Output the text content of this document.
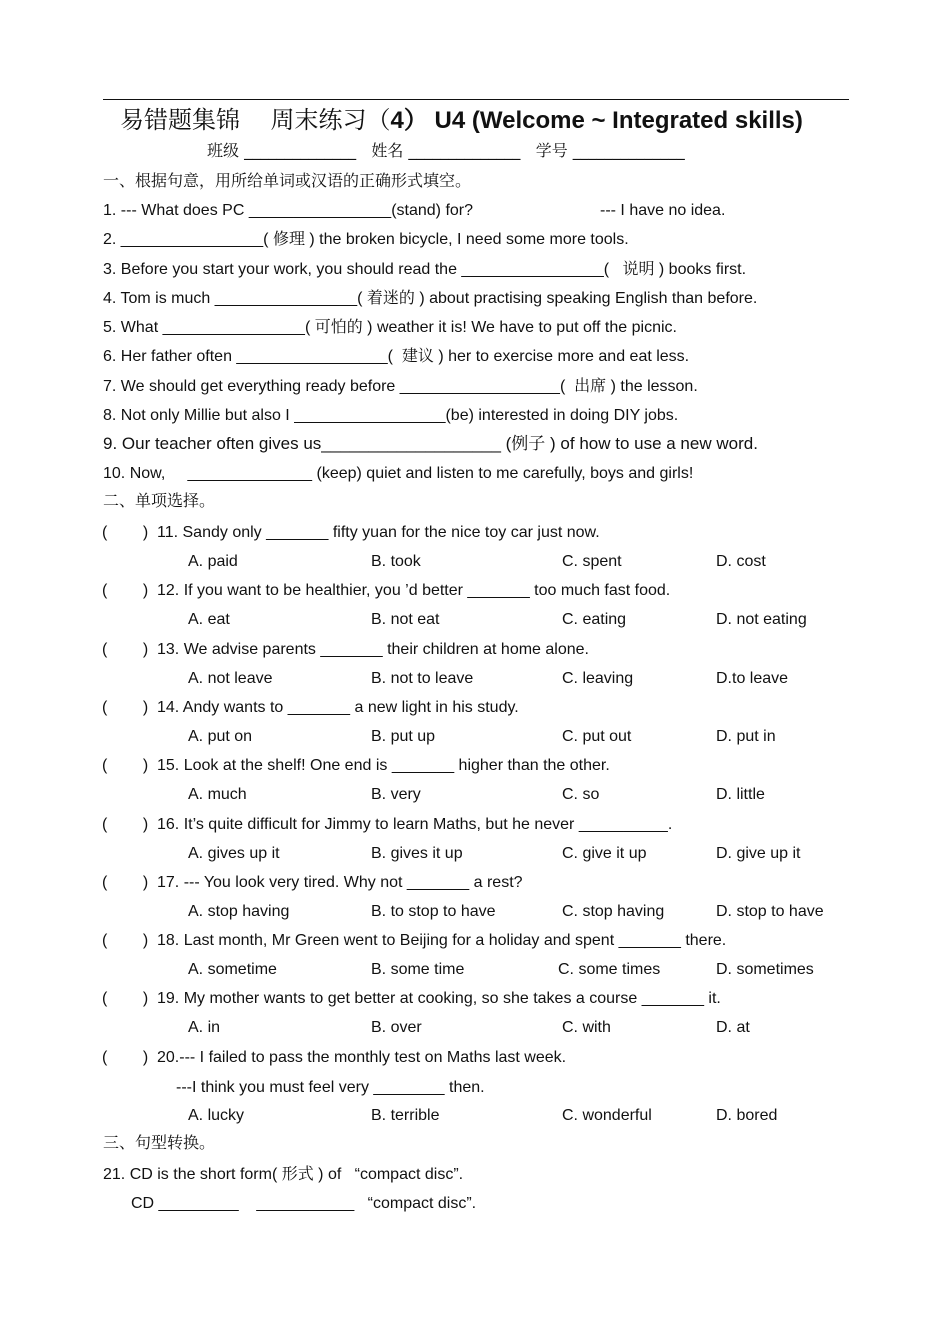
易错题集锦    周末练习（4） U4 (Welcome ~ Integrated skills)
班级 ______________   姓名 ______________   学号 ______________
一、根据句意，用所给单词或汉语的正确形式填空。
1. --- What does PC ________________(stand) for?	--- I have no idea.
2. ________________( 修理 ) the broken bicycle, I need some more tools.
3. Before you start your work, you should read the ________________(   说明 ) books first.
4. Tom is much ________________( 着迷的 ) about practising speaking English than before.
5. What ________________( 可怕的 ) weather it is! We have to put off the picnic.
6. Her father often _________________(  建议 ) her to exercise more and eat less.
7. We should get everything ready before __________________(  出席 ) the lesson.
8. Not only Millie but also I _________________(be) interested in doing DIY jobs.
9. Our teacher often gives us___________________ (例子 ) of how to use a new word.
10. Now,     ______________ (keep) quiet and listen to me carefully, boys and girls!
二、单项选择。
(        ) 11. Sandy only _______ fifty yuan for the nice toy car just now.
A. paid	B. took	C. spent	D. cost
(        ) 12. If you want to be healthier, you ’d better _______ too much fast food.
A. eat	B. not eat	C. eating	D. not eating
(        ) 13. We advise parents _______ their children at home alone.
A. not leave	B. not to leave	C. leaving	D.to leave
(        ) 14. Andy wants to _______ a new light in his study.
A. put on	B. put up	C. put out	D. put in
(        ) 15. Look at the shelf! One end is _______ higher than the other.
A. much	B. very	C. so	D. little
(        ) 16. It’s quite difficult for Jimmy to learn Maths, but he never __________.
A. gives up it	B. gives it up	C. give it up	D. give up it
(        ) 17. --- You look very tired. Why not _______ a rest?
A. stop having	B. to stop to have	C. stop having	D. stop to have
(        ) 18. Last month, Mr Green went to Beijing for a holiday and spent _______ there.
A. sometime	B. some time	C. some times	D. sometimes
(        ) 19. My mother wants to get better at cooking, so she takes a course _______ it.
A. in	B. over	C. with	D. at
(        ) 20.--- I failed to pass the monthly test on Maths last week.
---I think you must feel very ________ then.
A. lucky	B. terrible	C. wonderful	D. bored
三、句型转换。
21. CD is the short form( 形式 ) of   “compact disc”.
CD _________    ___________   “compact disc”.
